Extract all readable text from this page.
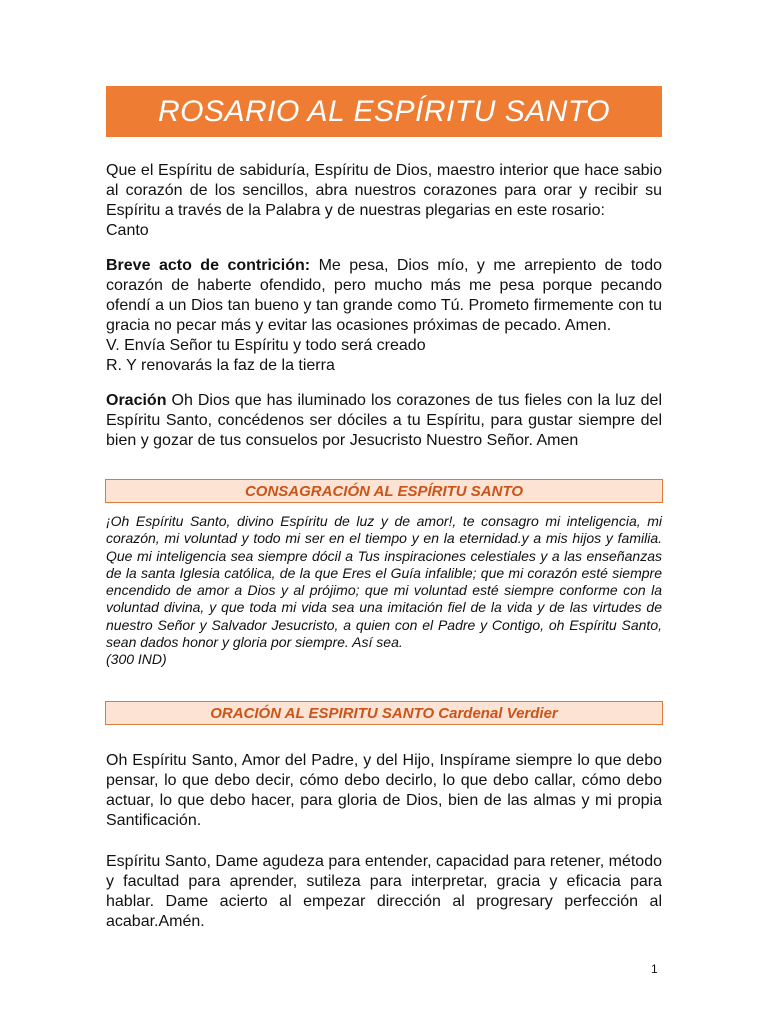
ROSARIO AL ESPÍRITU SANTO

Que el Espíritu de sabiduría, Espíritu de Dios, maestro interior que hace sabio al corazón de los sencillos, abra nuestros corazones para orar y recibir su Espíritu a través de la Palabra y de nuestras plegarias en este rosario:

Canto

Breve acto de contrición: Me pesa, Dios mío, y me arrepiento de todo corazón de haberte ofendido, pero mucho más me pesa porque pecando ofendí a un Dios tan bueno y tan grande como Tú. Prometo firmemente con tu gracia no pecar más y evitar las ocasiones próximas de pecado. Amen.

V. Envía Señor tu Espíritu y todo será creado

R. Y renovarás la faz de la tierra

Oración Oh Dios que has iluminado los corazones de tus fieles con la luz del Espíritu Santo, concédenos ser dóciles a tu Espíritu, para gustar siempre del bien y gozar de tus consuelos por Jesucristo Nuestro Señor. Amen

CONSAGRACIÓN AL ESPÍRITU SANTO

¡Oh Espíritu Santo, divino Espíritu de luz y de amor!, te consagro mi inteligencia, mi corazón, mi voluntad y todo mi ser en el tiempo y en la eternidad.y a mis hijos y familia. Que mi inteligencia sea siempre dócil a Tus inspiraciones celestiales y a las enseñanzas de la santa Iglesia católica, de la que Eres el Guía infalible; que mi corazón esté siempre encendido de amor a Dios y al prójimo; que mi voluntad esté siempre conforme con la voluntad divina, y que toda mi vida sea una imitación fiel de la vida y de las virtudes de nuestro Señor y Salvador Jesucristo, a quien con el Padre y Contigo, oh Espíritu Santo, sean dados honor y gloria por siempre. Así sea.

(300 IND)

ORACIÓN AL ESPIRITU SANTO Cardenal Verdier

Oh Espíritu Santo, Amor del Padre, y del Hijo, Inspírame siempre lo que debo pensar, lo que debo decir, cómo debo decirlo, lo que debo callar, cómo debo actuar, lo que debo hacer, para gloria de Dios, bien de las almas y mi propia Santificación.

Espíritu Santo, Dame agudeza para entender, capacidad para retener, método y facultad para aprender, sutileza para interpretar, gracia y eficacia para hablar. Dame acierto al empezar dirección al progresary perfección al acabar.Amén.

1
